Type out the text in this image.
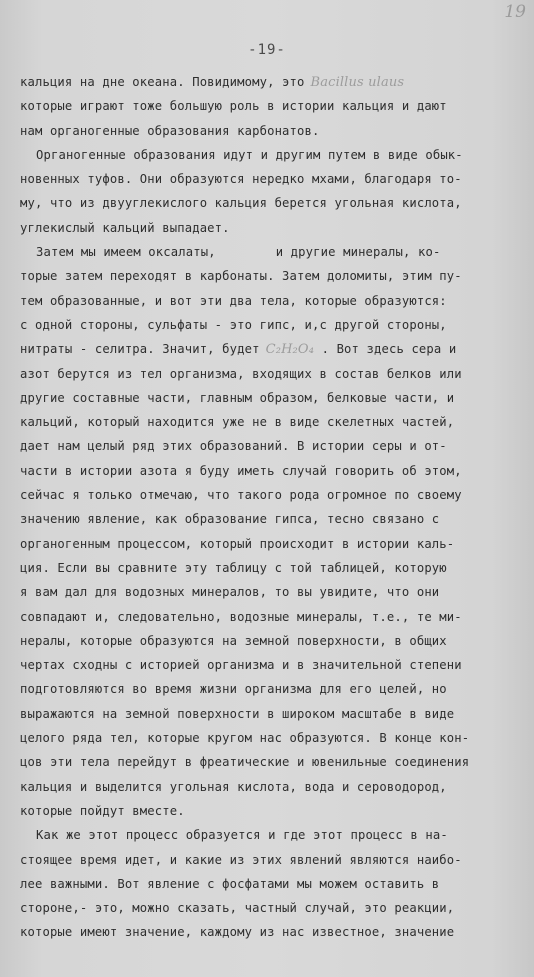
19
-19-
кальция на дне океана. Повидимому, это Bacillus ulaus
которые играют тоже большую роль в истории кальция и дают
нам органогенные образования карбонатов.
Органогенные образования идут и другим путем в виде обык-
новенных туфов. Они образуются нередко мхами, благодаря то-
му, что из двууглекислого кальция берется угольная кислота,
углекислый кальций выпадает.
Затем мы имеем оксалаты,	и другие минералы, ко-
торые затем переходят в карбонаты. Затем доломиты, этим пу-
тем образованные, и вот эти два тела, которые образуются:
с одной стороны, сульфаты - это гипс, и,с другой стороны,
нитраты - селитра. Значит, будет C₂H₂O₄ . Вот здесь сера и
азот берутся из тел организма, входящих в состав белков или
другие составные части, главным образом, белковые части, и
кальций, который находится уже не в виде скелетных частей,
дает нам целый ряд этих образований. В истории серы и от-
части в истории азота я буду иметь случай говорить об этом,
сейчас я только отмечаю, что такого рода огромное по своему
значению явление, как образование гипса, тесно связано с
органогенным процессом, который происходит в истории каль-
ция. Если вы сравните эту таблицу с той таблицей, которую
я вам дал для водозных минералов, то вы увидите, что они
совпадают и, следовательно, водозные минералы, т.е., те ми-
нералы, которые образуются на земной поверхности, в общих
чертах сходны с историей организма и в значительной степени
подготовляются во время жизни организма для его целей, но
выражаются на земной поверхности в широком масштабе в виде
целого ряда тел, которые кругом нас образуются. В конце кон-
цов эти тела перейдут в фреатические и ювенильные соединения
кальция и выделится угольная кислота, вода и сероводород,
которые пойдут вместе.
Как же этот процесс образуется и где этот процесс в на-
стоящее время идет, и какие из этих явлений являются наибо-
лее важными. Вот явление с фосфатами мы можем оставить в
стороне,- это, можно сказать, частный случай, это реакции,
которые имеют значение, каждому из нас известное, значение
